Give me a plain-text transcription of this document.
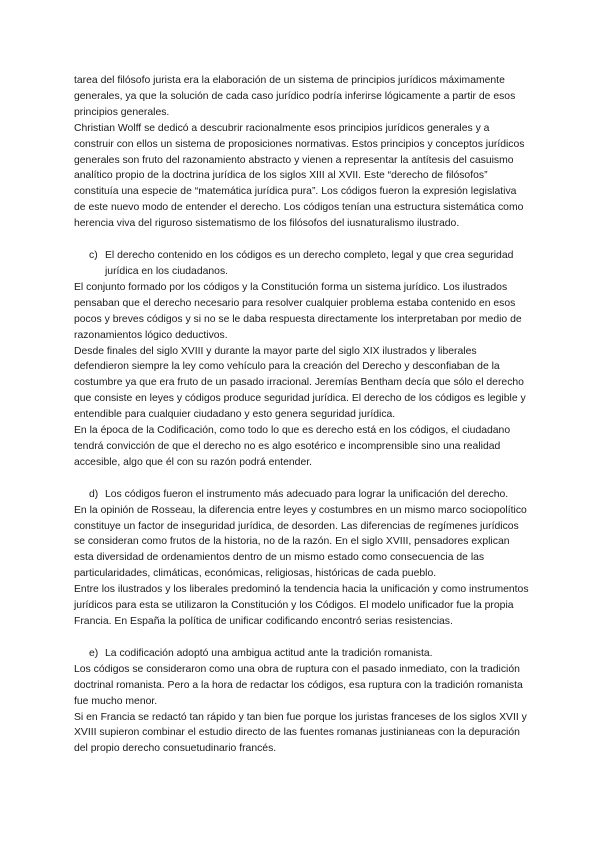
tarea del filósofo jurista era la elaboración de un sistema de principios jurídicos máximamente generales, ya que la solución de cada caso jurídico podría inferirse lógicamente a partir de esos principios generales.

Christian Wolff se dedicó a descubrir racionalmente esos principios jurídicos generales y a construir con ellos un sistema de proposiciones normativas. Estos principios y conceptos jurídicos generales son fruto del razonamiento abstracto y vienen a representar la antítesis del casuismo analítico propio de la doctrina jurídica de los siglos XIII al XVII. Este “derecho de filósofos” constituía una especie de “matemática jurídica pura”. Los códigos fueron la expresión legislativa de este nuevo modo de entender el derecho. Los códigos tenían una estructura sistemática como herencia viva del riguroso sistematismo de los filósofos del iusnaturalismo ilustrado.

c) El derecho contenido en los códigos es un derecho completo, legal y que crea seguridad jurídica en los ciudadanos.

El conjunto formado por los códigos y la Constitución forma un sistema jurídico. Los ilustrados pensaban que el derecho necesario para resolver cualquier problema estaba contenido en esos pocos y breves códigos y si no se le daba respuesta directamente los interpretaban por medio de razonamientos lógico deductivos.

Desde finales del siglo XVIII y durante la mayor parte del siglo XIX ilustrados y liberales defendieron siempre la ley como vehículo para la creación del Derecho y desconfiaban de la costumbre ya que era fruto de un pasado irracional. Jeremías Bentham decía que sólo el derecho que consiste en leyes y códigos produce seguridad jurídica. El derecho de los códigos es legible y entendible para cualquier ciudadano y esto genera seguridad jurídica.

En la época de la Codificación, como todo lo que es derecho está en los códigos, el ciudadano tendrá convicción de que el derecho no es algo esotérico e incomprensible sino una realidad accesible, algo que él con su razón podrá entender.

d) Los códigos fueron el instrumento más adecuado para lograr la unificación del derecho.

En la opinión de Rosseau, la diferencia entre leyes y costumbres en un mismo marco sociopolítico constituye un factor de inseguridad jurídica, de desorden. Las diferencias de regímenes jurídicos se consideran como frutos de la historia, no de la razón. En el siglo XVIII, pensadores explican esta diversidad de ordenamientos dentro de un mismo estado como consecuencia de las particularidades, climáticas, económicas, religiosas, históricas de cada pueblo.

Entre los ilustrados y los liberales predominó la tendencia hacia la unificación y como instrumentos jurídicos para esta se utilizaron la Constitución y los Códigos. El modelo unificador fue la propia Francia. En España la política de unificar codificando encontró serias resistencias.

e) La codificación adoptó una ambigua actitud ante la tradición romanista.

Los códigos se consideraron como una obra de ruptura con el pasado inmediato, con la tradición doctrinal romanista. Pero a la hora de redactar los códigos, esa ruptura con la tradición romanista fue mucho menor.

Si en Francia se redactó tan rápido y tan bien fue porque los juristas franceses de los siglos XVII y XVIII supieron combinar el estudio directo de las fuentes romanas justinianeas con la depuración del propio derecho consuetudinario francés.
